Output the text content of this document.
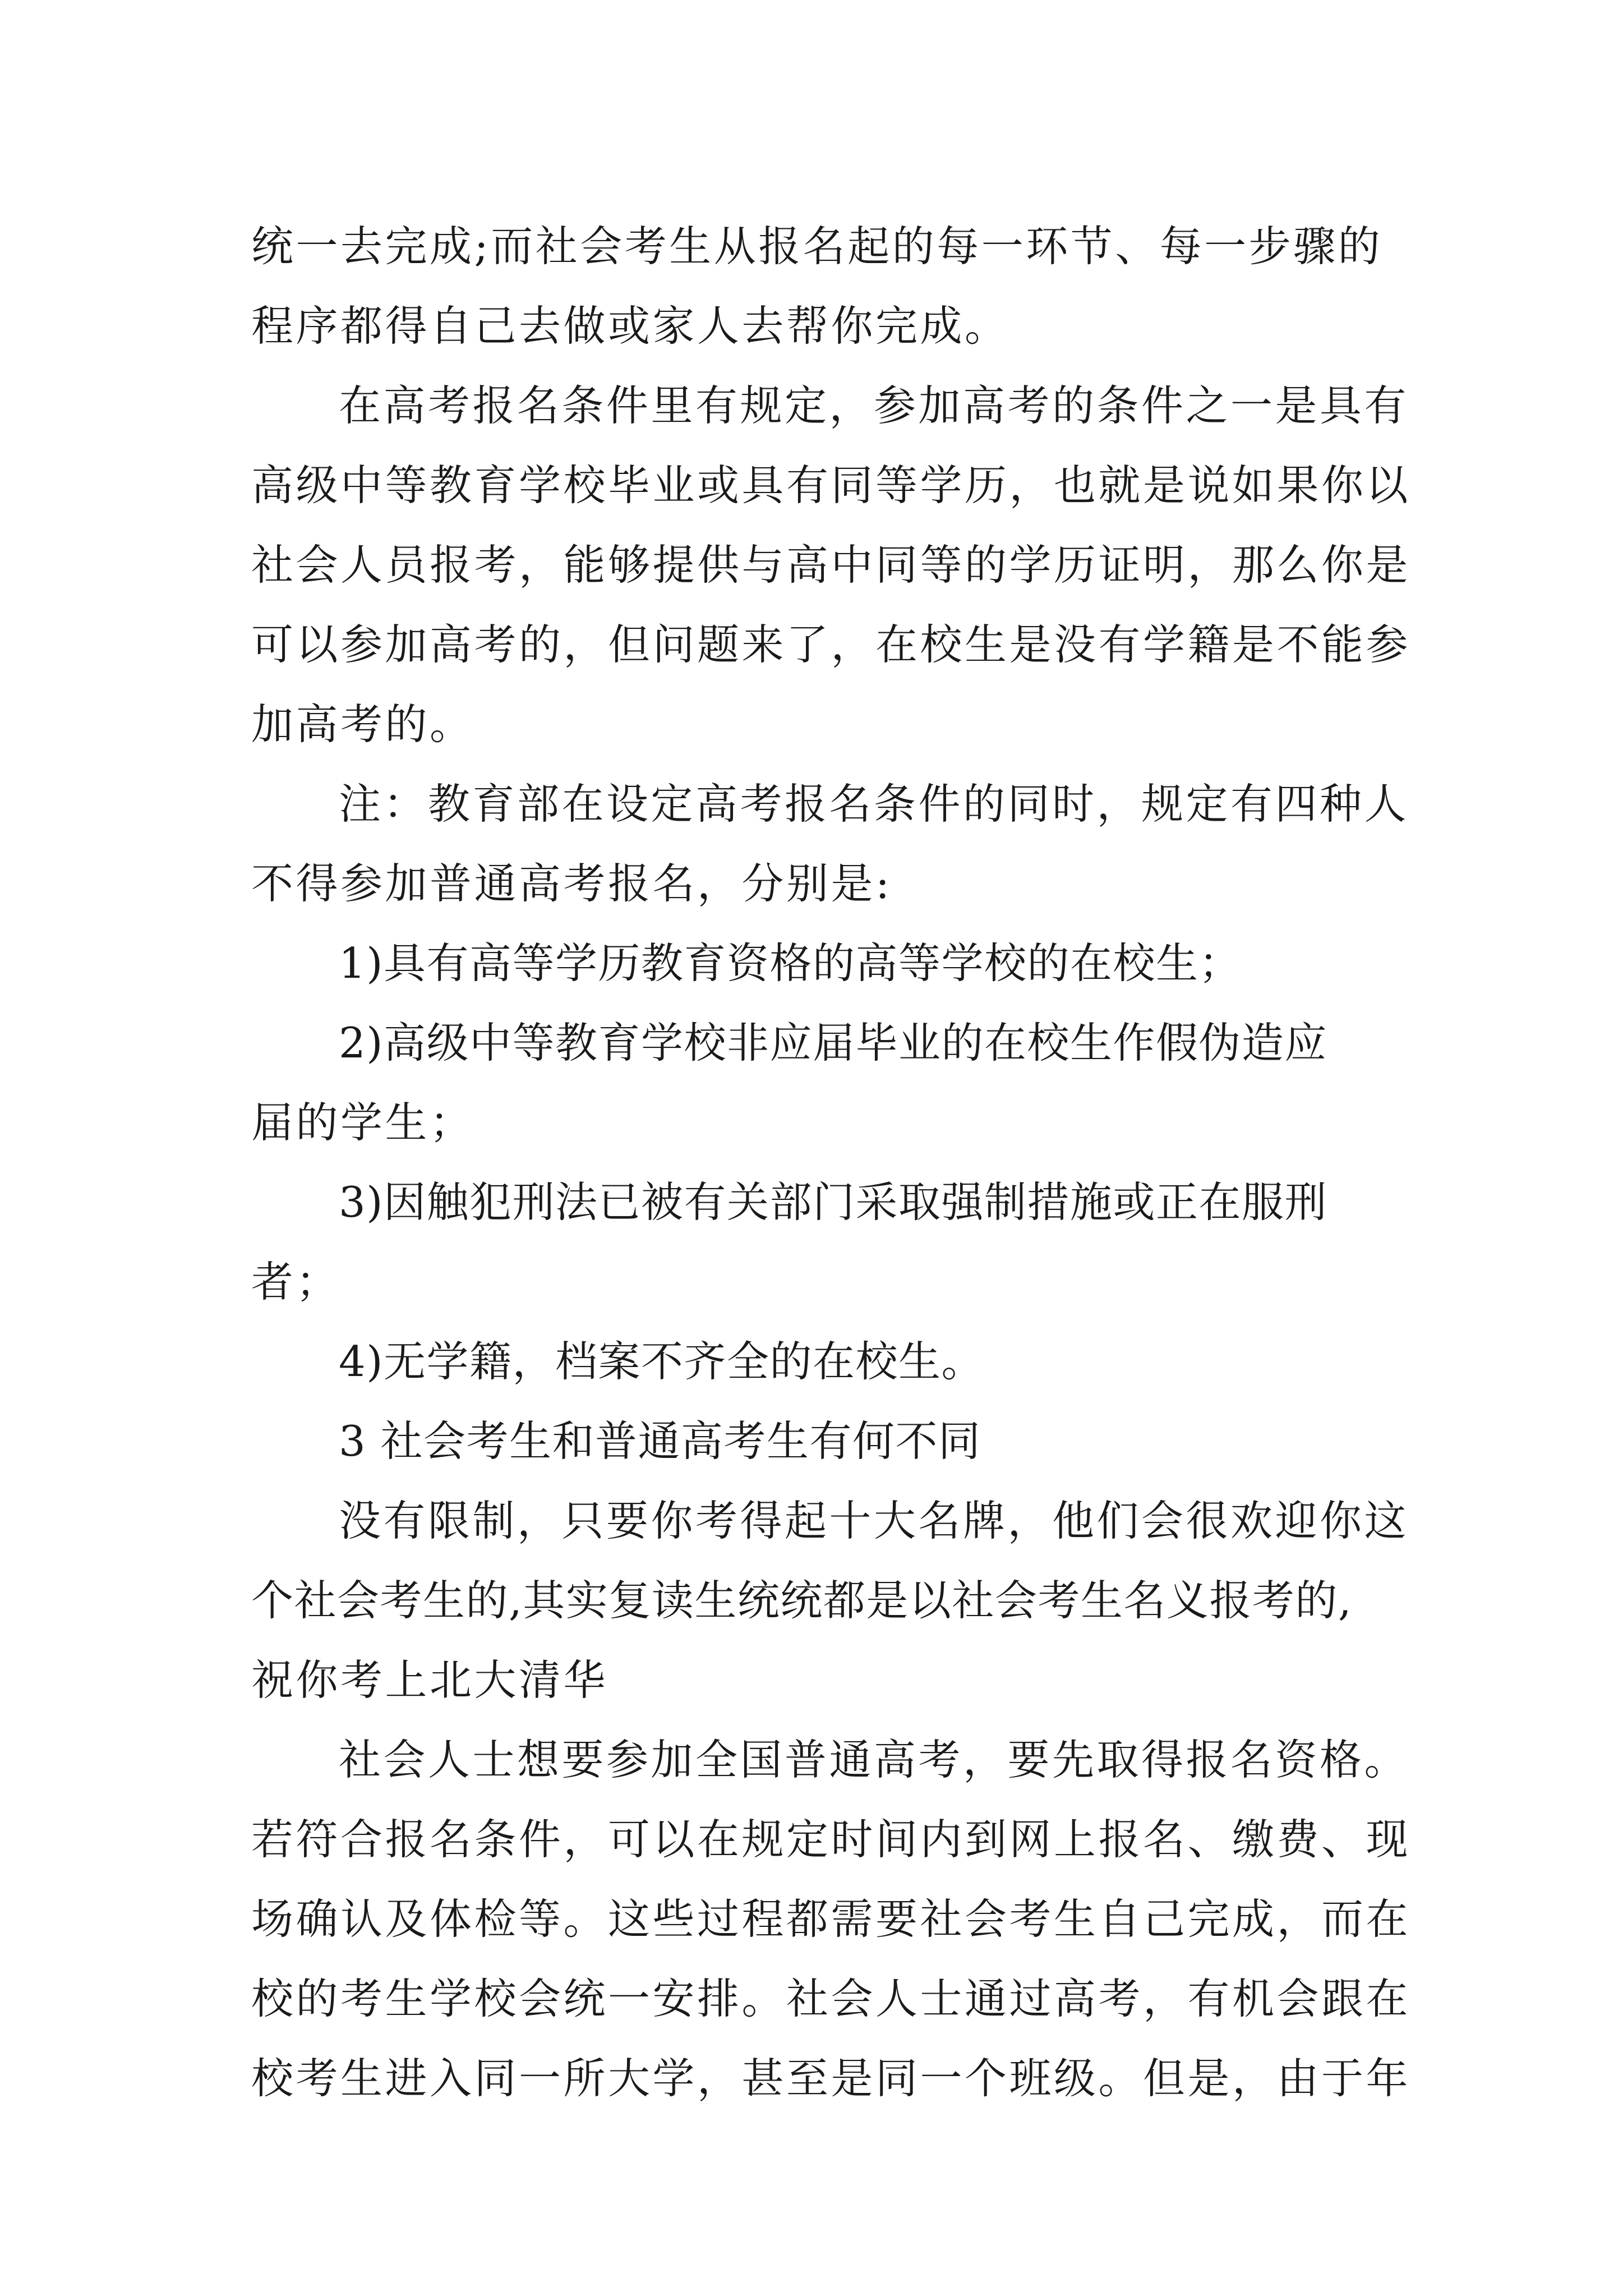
统一去完成;而社会考生从报名起的每一环节、每一步骤的
程序都得自己去做或家人去帮你完成。
在高考报名条件里有规定，参加高考的条件之一是具有
高级中等教育学校毕业或具有同等学历，也就是说如果你以
社会人员报考，能够提供与高中同等的学历证明，那么你是
可以参加高考的，但问题来了，在校生是没有学籍是不能参
加高考的。
注：教育部在设定高考报名条件的同时，规定有四种人
不得参加普通高考报名，分别是:
1)具有高等学历教育资格的高等学校的在校生；
2)高级中等教育学校非应届毕业的在校生作假伪造应
届的学生；
3)因触犯刑法已被有关部门采取强制措施或正在服刑
者；
4)无学籍，档案不齐全的在校生。
3 社会考生和普通高考生有何不同
没有限制，只要你考得起十大名牌，他们会很欢迎你这
个社会考生的,其实复读生统统都是以社会考生名义报考的,
祝你考上北大清华
社会人士想要参加全国普通高考，要先取得报名资格。
若符合报名条件，可以在规定时间内到网上报名、缴费、现
场确认及体检等。这些过程都需要社会考生自己完成，而在
校的考生学校会统一安排。社会人士通过高考，有机会跟在
校考生进入同一所大学，甚至是同一个班级。但是，由于年
